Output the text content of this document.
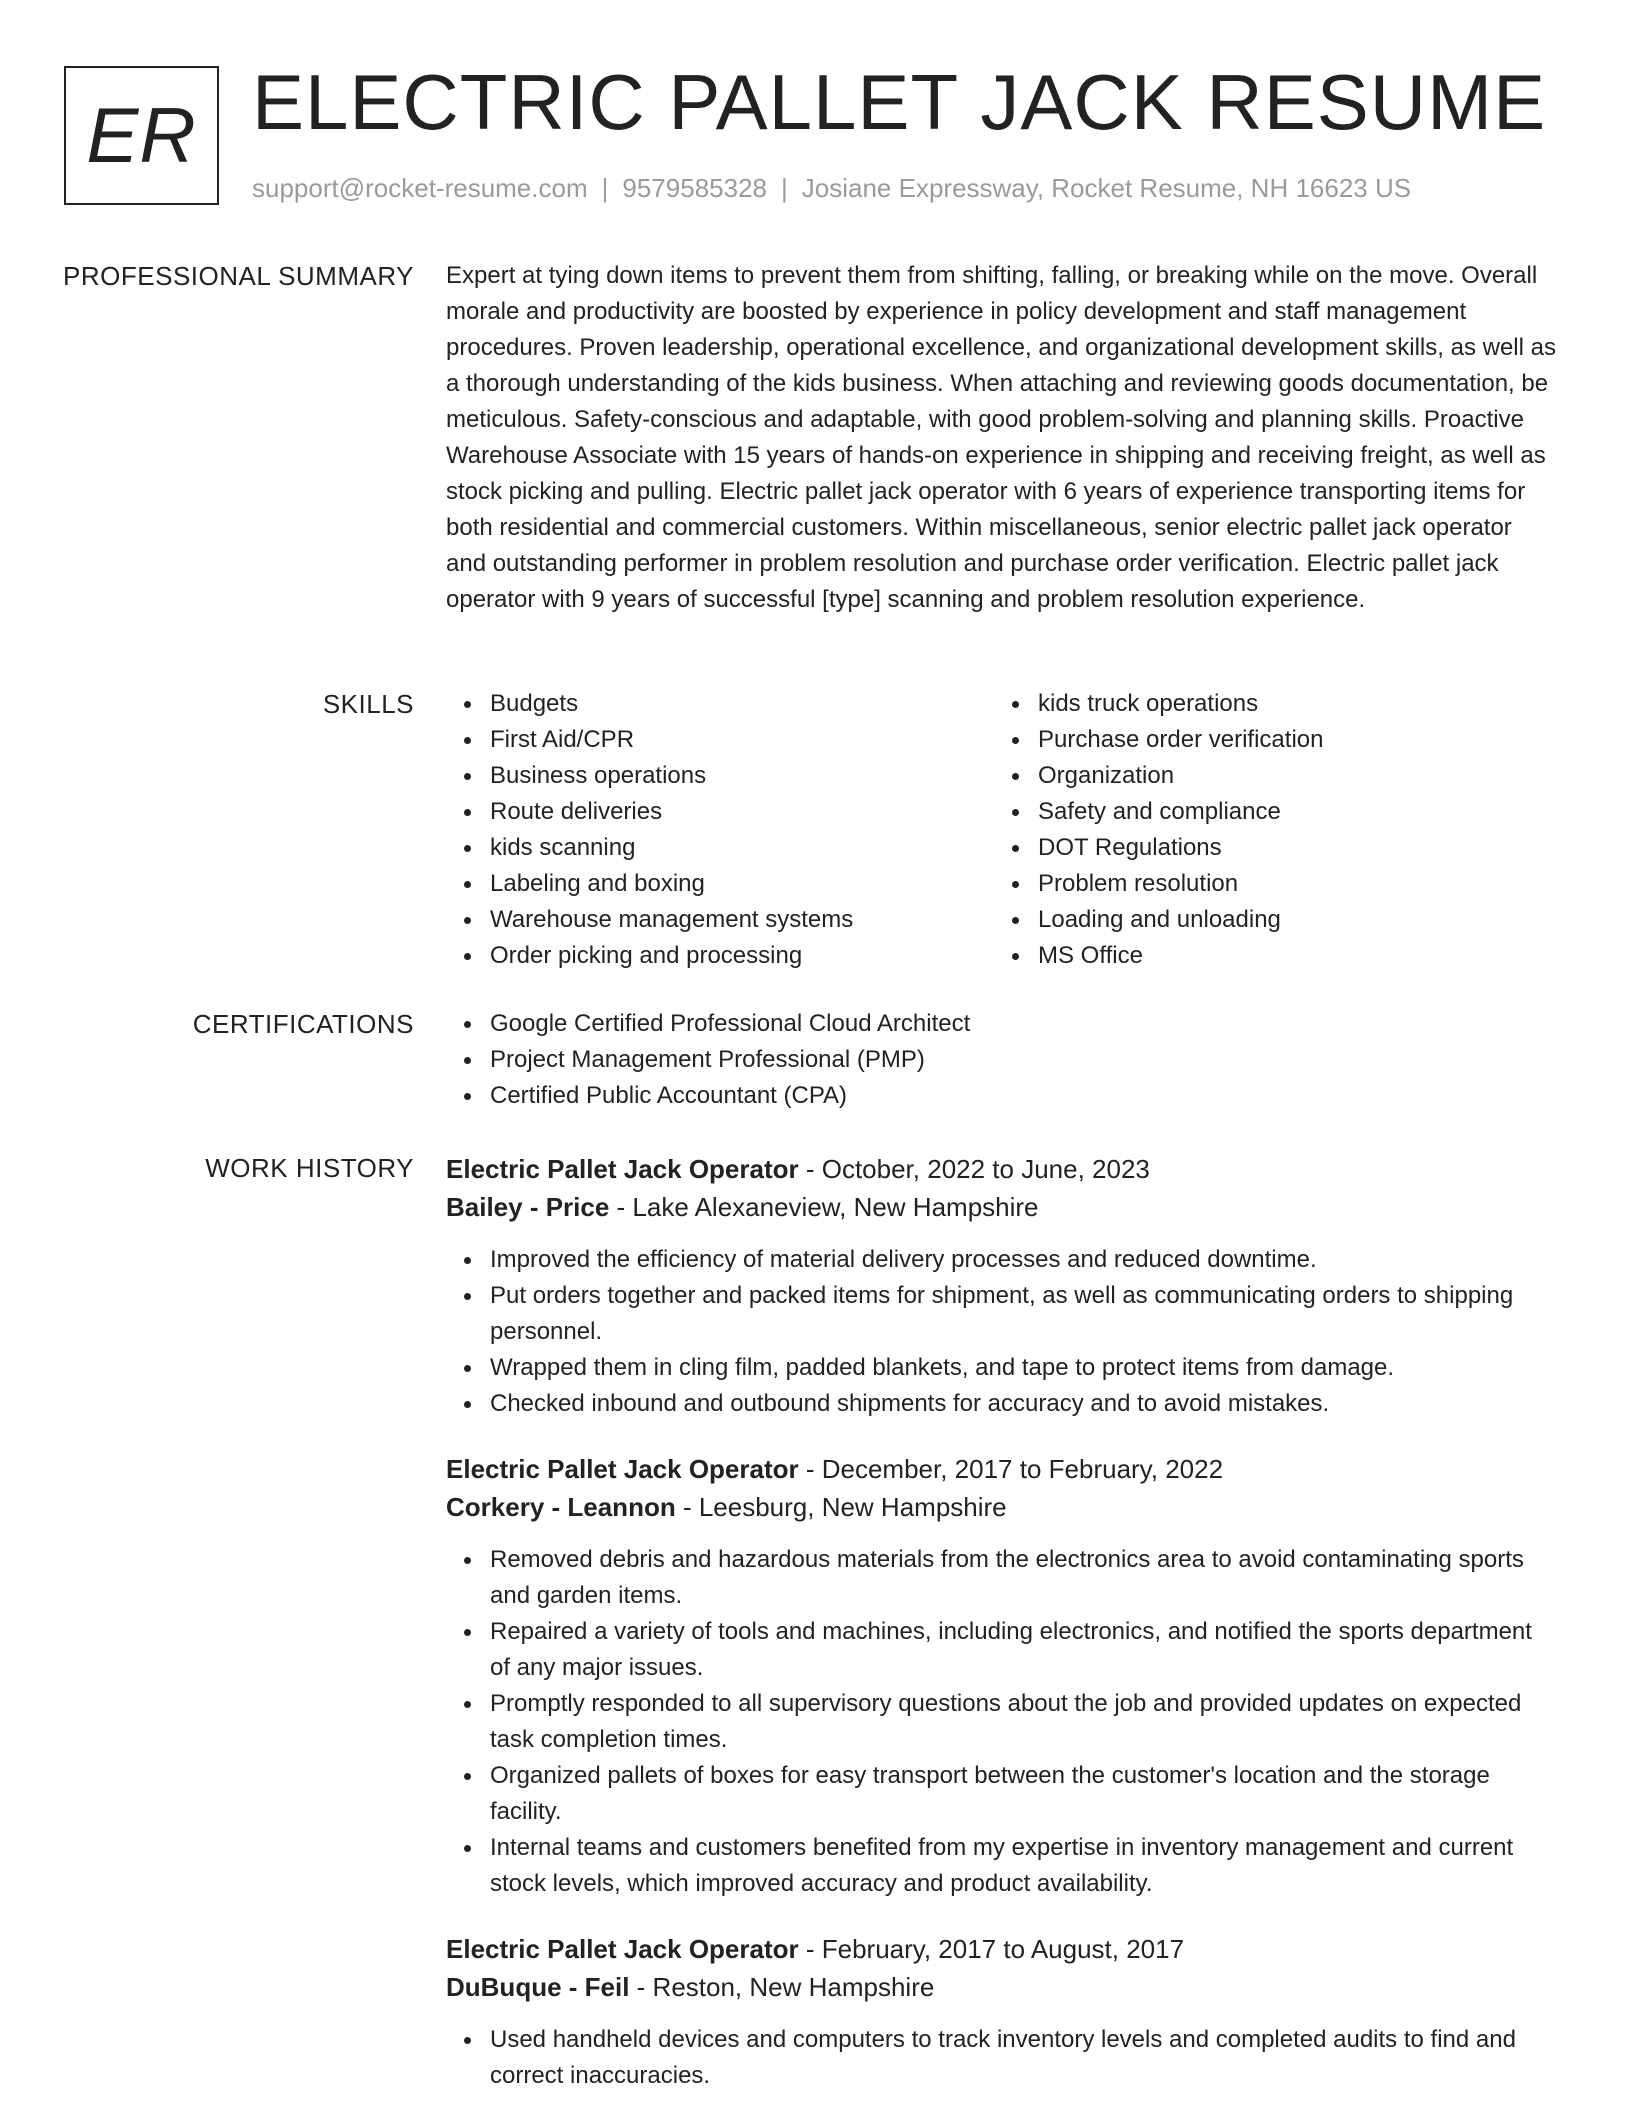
ER ELECTRIC PALLET JACK RESUME
support@rocket-resume.com | 9579585328 | Josiane Expressway, Rocket Resume, NH 16623 US
PROFESSIONAL SUMMARY Expert at tying down items to prevent them from shifting, falling, or breaking while on the move. Overall morale and productivity are boosted by experience in policy development and staff management procedures. Proven leadership, operational excellence, and organizational development skills, as well as a thorough understanding of the kids business. When attaching and reviewing goods documentation, be meticulous. Safety-conscious and adaptable, with good problem-solving and planning skills. Proactive Warehouse Associate with 15 years of hands-on experience in shipping and receiving freight, as well as stock picking and pulling. Electric pallet jack operator with 6 years of experience transporting items for both residential and commercial customers. Within miscellaneous, senior electric pallet jack operator and outstanding performer in problem resolution and purchase order verification. Electric pallet jack operator with 9 years of successful [type] scanning and problem resolution experience.

SKILLS	Budgets
First Aid/CPR
Business operations
Route deliveries
kids scanning
Labeling and boxing
Warehouse management systems
Order picking and processing
kids truck operations
Purchase order verification
Organization
Safety and compliance
DOT Regulations
Problem resolution
Loading and unloading
MS Office
CERTIFICATIONS	Google Certified Professional Cloud Architect
Project Management Professional (PMP)
Certified Public Accountant (CPA)
WORK HISTORY Electric Pallet Jack Operator - October, 2022 to June, 2023
Bailey - Price - Lake Alexaneview, New Hampshire
Improved the efficiency of material delivery processes and reduced downtime.
Put orders together and packed items for shipment, as well as communicating orders to shipping personnel.
Wrapped them in cling film, padded blankets, and tape to protect items from damage.
Checked inbound and outbound shipments for accuracy and to avoid mistakes.
Electric Pallet Jack Operator - December, 2017 to February, 2022
Corkery - Leannon - Leesburg, New Hampshire
Removed debris and hazardous materials from the electronics area to avoid contaminating sports and garden items.
Repaired a variety of tools and machines, including electronics, and notified the sports department of any major issues.
Promptly responded to all supervisory questions about the job and provided updates on expected task completion times.
Organized pallets of boxes for easy transport between the customer's location and the storage facility.
Internal teams and customers benefited from my expertise in inventory management and current stock levels, which improved accuracy and product availability.
Electric Pallet Jack Operator - February, 2017 to August, 2017
DuBuque - Feil - Reston, New Hampshire
Used handheld devices and computers to track inventory levels and completed audits to find and correct inaccuracies.
